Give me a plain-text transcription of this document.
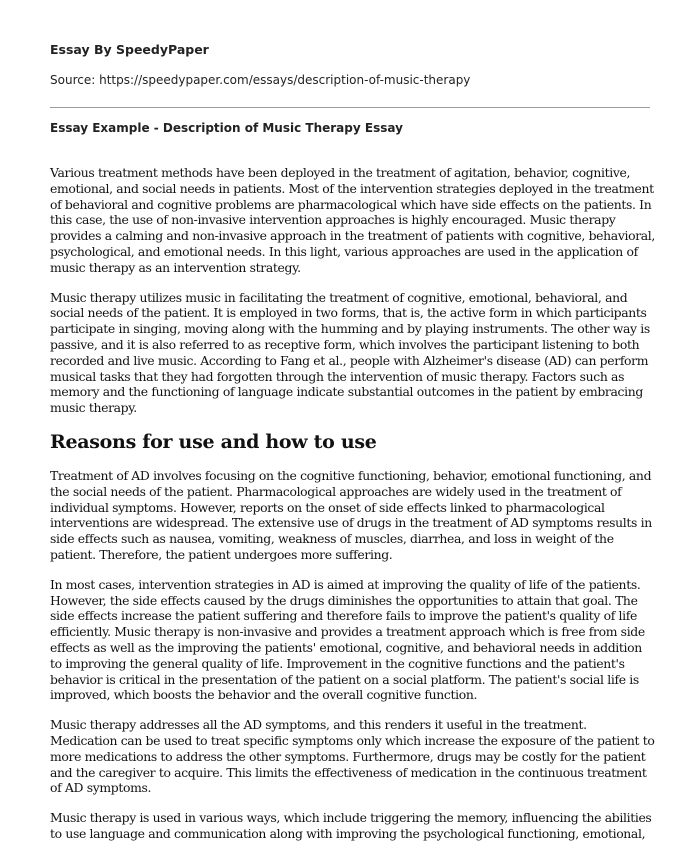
Essay By SpeedyPaper
Source: https://speedypaper.com/essays/description-of-music-therapy
Essay Example - Description of Music Therapy Essay

Various treatment methods have been deployed in the treatment of agitation, behavior, cognitive, emotional, and social needs in patients. Most of the intervention strategies deployed in the treatment of behavioral and cognitive problems are pharmacological which have side effects on the patients. In this case, the use of non-invasive intervention approaches is highly encouraged. Music therapy provides a calming and non-invasive approach in the treatment of patients with cognitive, behavioral, psychological, and emotional needs. In this light, various approaches are used in the application of music therapy as an intervention strategy.

Music therapy utilizes music in facilitating the treatment of cognitive, emotional, behavioral, and social needs of the patient. It is employed in two forms, that is, the active form in which participants participate in singing, moving along with the humming and by playing instruments. The other way is passive, and it is also referred to as receptive form, which involves the participant listening to both recorded and live music. According to Fang et al., people with Alzheimer's disease (AD) can perform musical tasks that they had forgotten through the intervention of music therapy. Factors such as memory and the functioning of language indicate substantial outcomes in the patient by embracing music therapy.

Reasons for use and how to use

Treatment of AD involves focusing on the cognitive functioning, behavior, emotional functioning, and the social needs of the patient. Pharmacological approaches are widely used in the treatment of individual symptoms. However, reports on the onset of side effects linked to pharmacological interventions are widespread. The extensive use of drugs in the treatment of AD symptoms results in side effects such as nausea, vomiting, weakness of muscles, diarrhea, and loss in weight of the patient. Therefore, the patient undergoes more suffering.

In most cases, intervention strategies in AD is aimed at improving the quality of life of the patients. However, the side effects caused by the drugs diminishes the opportunities to attain that goal. The side effects increase the patient suffering and therefore fails to improve the patient's quality of life efficiently. Music therapy is non-invasive and provides a treatment approach which is free from side effects as well as the improving the patients' emotional, cognitive, and behavioral needs in addition to improving the general quality of life. Improvement in the cognitive functions and the patient's behavior is critical in the presentation of the patient on a social platform. The patient's social life is improved, which boosts the behavior and the overall cognitive function.

Music therapy addresses all the AD symptoms, and this renders it useful in the treatment. Medication can be used to treat specific symptoms only which increase the exposure of the patient to more medications to address the other symptoms. Furthermore, drugs may be costly for the patient and the caregiver to acquire. This limits the effectiveness of medication in the continuous treatment of AD symptoms.

Music therapy is used in various ways, which include triggering the memory, influencing the abilities to use language and communication along with improving the psychological functioning, emotional,
